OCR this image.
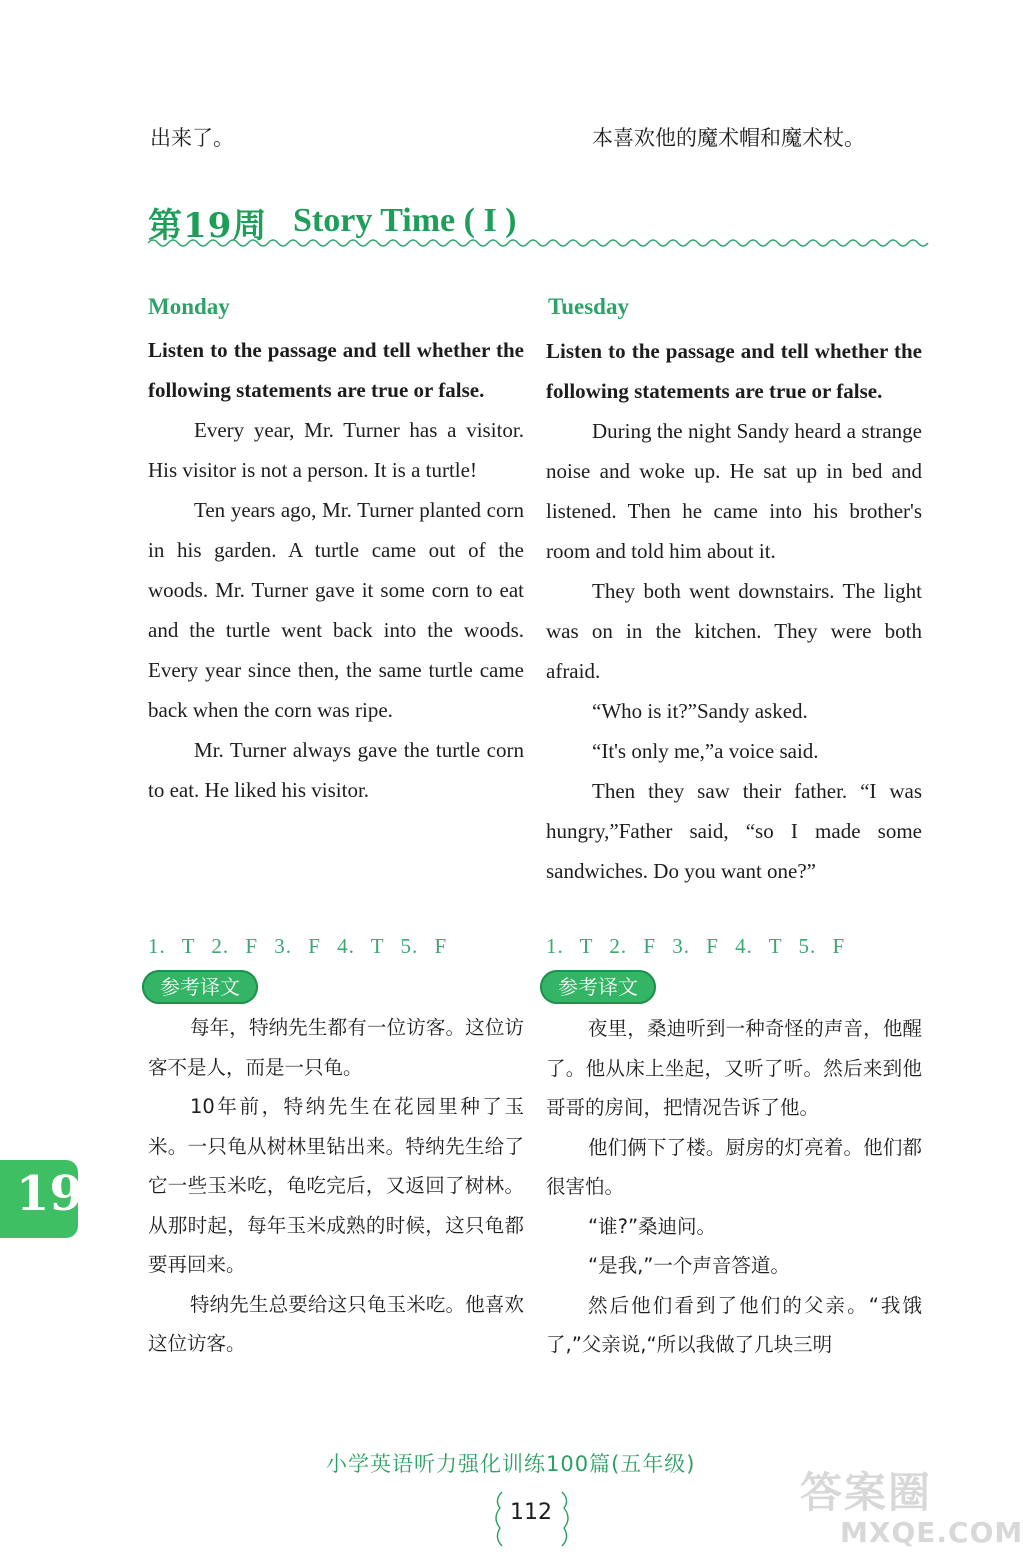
出来了。	本喜欢他的魔术帽和魔术杖。
第19周 Story Time ( I )
Monday
Listen to the passage and tell whether the following statements are true or false.

Every year, Mr. Turner has a visitor. His visitor is not a person. It is a turtle!

Ten years ago, Mr. Turner planted corn in his garden. A turtle came out of the woods. Mr. Turner gave it some corn to eat and the turtle went back into the woods. Every year since then, the same turtle came back when the corn was ripe.

Mr. Turner always gave the turtle corn to eat. He liked his visitor.

1. T 2. F 3. F 4. T 5. F
参考译文

每年，特纳先生都有一位访客。这位访客不是人，而是一只龟。

10年前，特纳先生在花园里种了玉米。一只龟从树林里钻出来。特纳先生给了它一些玉米吃，龟吃完后，又返回了树林。从那时起，每年玉米成熟的时候，这只龟都要再回来。

特纳先生总要给这只龟玉米吃。他喜欢这位访客。

Tuesday
Listen to the passage and tell whether the following statements are true or false.

During the night Sandy heard a strange noise and woke up. He sat up in bed and listened. Then he came into his brother's room and told him about it.

They both went downstairs. The light was on in the kitchen. They were both afraid.

“Who is it?”Sandy asked.

“It's only me,”a voice said.

Then they saw their father. “I was hungry,”Father said, “so I made some sandwiches. Do you want one?”

1. T 2. F 3. F 4. T 5. F
参考译文

夜里，桑迪听到一种奇怪的声音，他醒了。他从床上坐起，又听了听。然后来到他哥哥的房间，把情况告诉了他。

他们俩下了楼。厨房的灯亮着。他们都很害怕。

“谁?”桑迪问。

“是我,”一个声音答道。

然后他们看到了他们的父亲。“我饿了,”父亲说,“所以我做了几块三明

19
小学英语听力强化训练100篇(五年级)
112	答案圈
MXQE.COM
